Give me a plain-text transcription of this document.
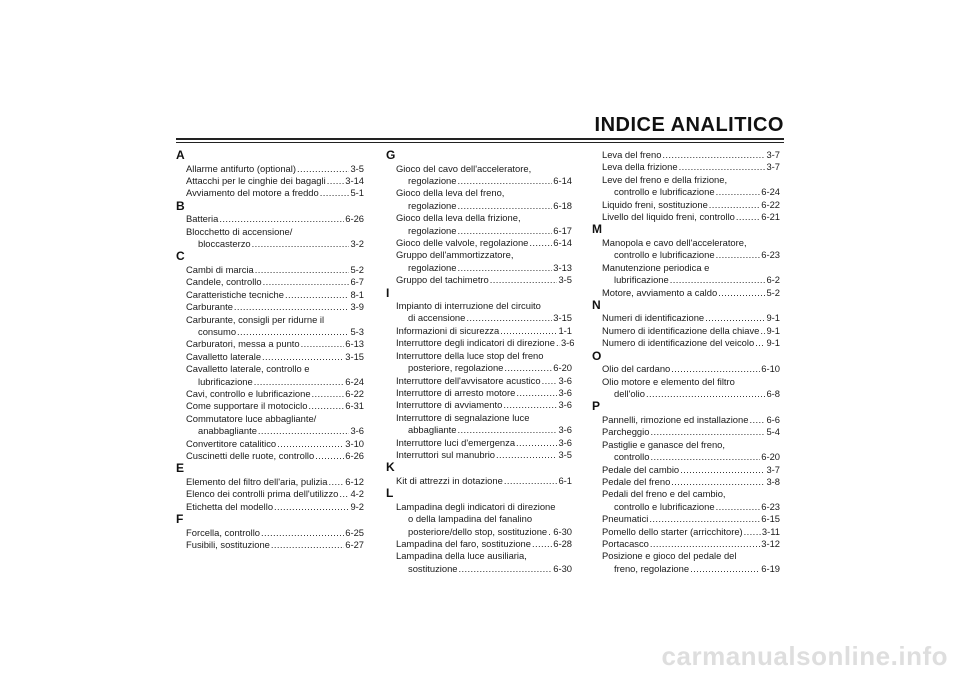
INDICE ANALITICO
A
Allarme antifurto (optional) .....	3-5
Attacchi per le cinghie dei bagagli ..... 3-14
Avviamento del motore a freddo .....	5-1
B
Batteria .....	6-26
Blocchetto di accensione/
bloccasterzo .....	3-2
C
Cambi di marcia .....	5-2
Candele, controllo .....	6-7
Caratteristiche tecniche .....	8-1
Carburante .....	3-9
Carburante, consigli per ridurne il
consumo .....	5-3
Carburatori, messa a punto .....	6-13
Cavalletto laterale .....	3-15
Cavalletto laterale, controllo e
lubrificazione .....	6-24
Cavi, controllo e lubrificazione .....	6-22
Come supportare il motociclo .....	6-31
Commutatore luce abbagliante/
anabbagliante .....	3-6
Convertitore catalitico .....	3-10
Cuscinetti delle ruote, controllo .....	6-26
E
Elemento del filtro dell'aria, pulizia ..... 6-12
Elenco dei controlli prima dell'utilizzo ..... 4-2
Etichetta del modello .....	9-2
F
Forcella, controllo .....	6-25
Fusibili, sostituzione .....	6-27
G
Gioco del cavo dell'acceleratore,
regolazione .....	6-14
Gioco della leva del freno,
regolazione .....	6-18
Gioco della leva della frizione,
regolazione .....	6-17
Gioco delle valvole, regolazione .....	6-14
Gruppo dell'ammortizzatore,
regolazione .....	3-13
Gruppo del tachimetro .....	3-5
I
Impianto di interruzione del circuito
di accensione .....	3-15
Informazioni di sicurezza .....	1-1
Interruttore degli indicatori di direzione ..... 3-6
Interruttore della luce stop del freno
posteriore, regolazione .....	6-20
Interruttore dell'avvisatore acustico ..... 3-6
Interruttore di arresto motore .....	3-6
Interruttore di avviamento .....	3-6
Interruttore di segnalazione luce
abbagliante .....	3-6
Interruttore luci d'emergenza .....	3-6
Interruttori sul manubrio .....	3-5
K
Kit di attrezzi in dotazione .....	6-1
L
Lampadina degli indicatori di direzione
o della lampadina del fanalino
posteriore/dello stop, sostituzione ..... 6-30
Lampadina del faro, sostituzione ..... 6-28
Lampadina della luce ausiliaria,
sostituzione .....	6-30
Leva del freno .....	3-7
Leva della frizione .....	3-7
Leve del freno e della frizione,
controllo e lubrificazione .....	6-24
Liquido freni, sostituzione .....	6-22
Livello del liquido freni, controllo .....	6-21
M
Manopola e cavo dell'acceleratore,
controllo e lubrificazione .....	6-23
Manutenzione periodica e
lubrificazione .....	6-2
Motore, avviamento a caldo .....	5-2
N
Numeri di identificazione .....	9-1
Numero di identificazione della chiave ..... 9-1
Numero di identificazione del veicolo ..... 9-1
O
Olio del cardano .....	6-10
Olio motore e elemento del filtro
dell'olio .....	6-8
P
Pannelli, rimozione ed installazione ..... 6-6
Parcheggio .....	5-4
Pastiglie e ganasce del freno,
controllo .....	6-20
Pedale del cambio .....	3-7
Pedale del freno .....	3-8
Pedali del freno e del cambio,
controllo e lubrificazione .....	6-23
Pneumatici .....	6-15
Pomello dello starter (arricchitore) ..... 3-11
Portacasco .....	3-12
Posizione e gioco del pedale del
freno, regolazione .....	6-19
carmanualsonline.info
